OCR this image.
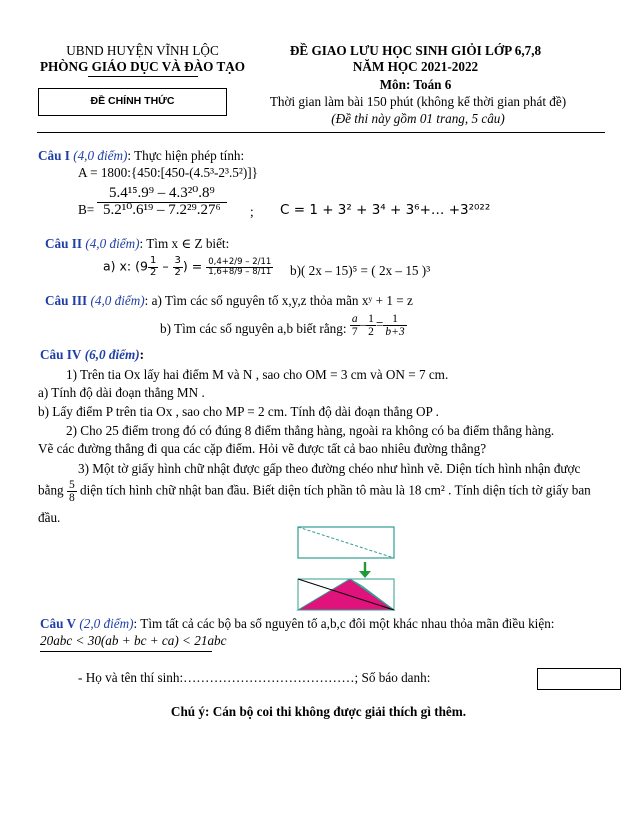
UBND HUYỆN VĨNH LỘC
PHÒNG GIÁO DỤC VÀ ĐÀO TẠO
ĐỀ CHÍNH THỨC
ĐỀ GIAO LƯU HỌC SINH GIỎI LỚP 6,7,8
NĂM HỌC 2021-2022
Môn: Toán 6
Thời gian làm bài 150 phút (không kể thời gian phát đề)
(Đề thi này gồm 01 trang, 5 câu)
Câu I (4,0 điểm): Thực hiện phép tính:
A = 1800:{450:[450-(4.5³-2³.5²)]}
$B= \frac{\text{5.4¹⁵.9⁹ – 4.3²⁰.8⁹}}{\text{5.2¹⁰.6¹⁹ – 7.2²⁹.27⁶}}$ ; C = 1 + 3² + 3⁴ + 3⁶+… +3²⁰²²
Câu II (4,0 điểm): Tìm x ∈ Z biết:
a) x: ($9 \frac{1}{2} - \frac{3}{2}$ ) = $\frac{0,4+2/9 - 2/11}{1,6+8/9 - 8/11} b$)( 2x – 15)⁵ = ( 2x – 15 )³
Câu III (4,0 điểm): a) Tìm các số nguyên tố x,y,z thỏa mãn xʸ + 1 = z
b) Tìm các số nguyên a,b biết rằng: $\frac{a}{7} - \frac{1}{2} = \frac{1}{b+3}$
Câu IV (6,0 điểm):
1) Trên tia Ox lấy hai điểm M và N , sao cho OM = 3 cm và ON = 7 cm.
a) Tính độ dài đoạn thẳng MN .
b) Lấy điểm P trên tia Ox , sao cho MP = 2 cm. Tính độ dài đoạn thẳng OP .
2) Cho 25 điểm trong đó có đúng 8 điểm thẳng hàng, ngoài ra không có ba điểm thẳng hàng.
Vẽ các đường thẳng đi qua các cặp điểm. Hỏi vẽ được tất cả bao nhiêu đường thẳng?
3) Một tờ giấy hình chữ nhật được gấp theo đường chéo như hình vẽ. Diện tích hình nhận được
bằng $\frac{5}{8}$ diện tích hình chữ nhật ban đầu. Biết diện tích phần tô màu là 18 cm² . Tính diện tích tờ giấy ban
đầu.
Câu V (2,0 điểm): Tìm tất cả các bộ ba số nguyên tố a,b,c đôi một khác nhau thỏa mãn điều kiện:
20abc < 30(ab + bc + ca) < 21abc
- Họ và tên thí sinh:…………………………………; Số báo danh:
Chú ý: Cán bộ coi thi không được giải thích gì thêm.
